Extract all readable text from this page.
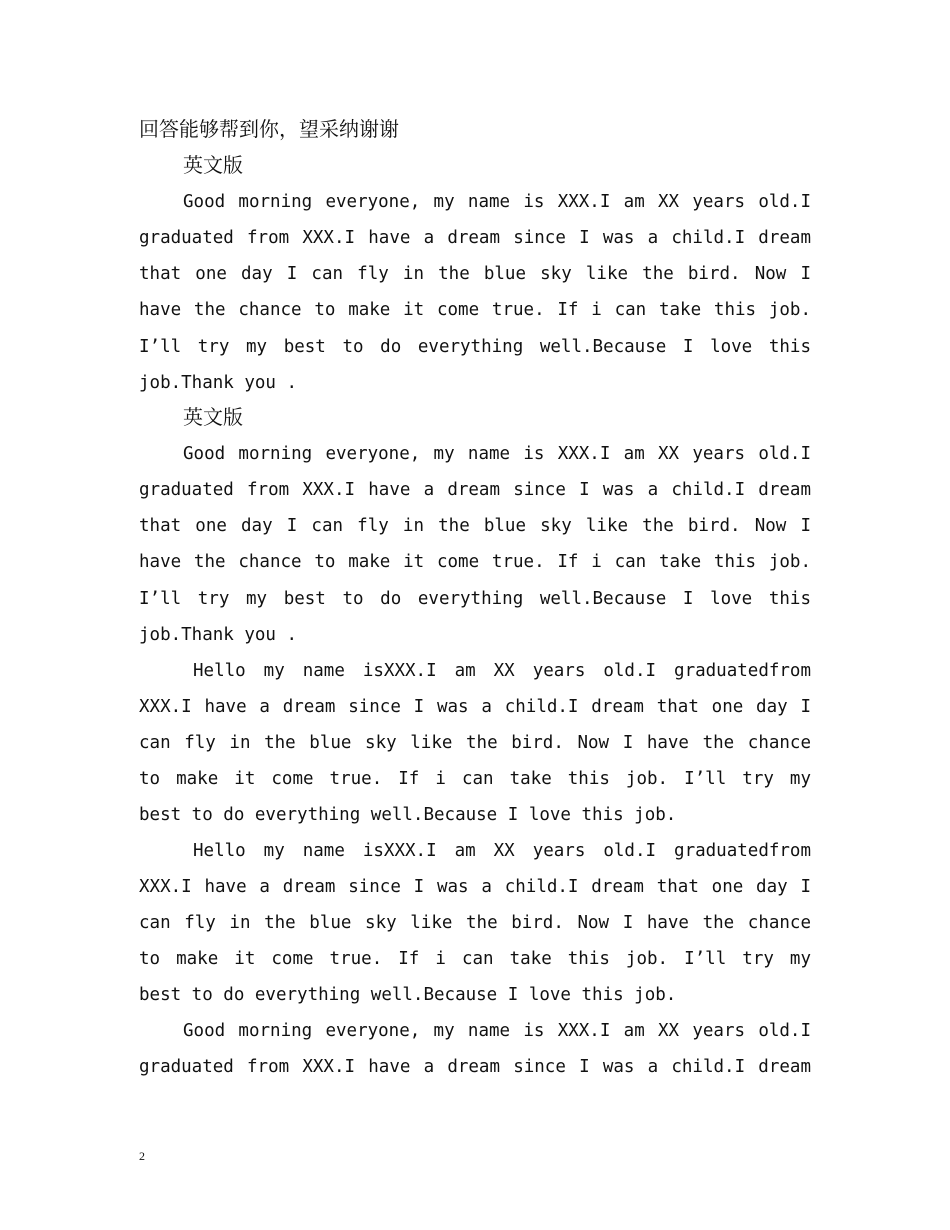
回答能够帮到你，望采纳谢谢
英文版
Good morning everyone, my name is XXX.I am XX years old.I
graduated from XXX.I have a dream since I was a child.I dream
that one day I can fly in the blue sky like the bird. Now I
have the chance to make it come true. If i can take this job.
I’ll try my best to do everything well.Because I love this
job.Thank you .
英文版
Good morning everyone, my name is XXX.I am XX years old.I
graduated from XXX.I have a dream since I was a child.I dream
that one day I can fly in the blue sky like the bird. Now I
have the chance to make it come true. If i can take this job.
I’ll try my best to do everything well.Because I love this
job.Thank you .
Hello my name isXXX.I am XX years old.I graduatedfrom
XXX.I have a dream since I was a child.I dream that one day I
can fly in the blue sky like the bird. Now I have the chance
to make it come true. If i can take this job. I’ll try my
best to do everything well.Because I love this job.
Hello my name isXXX.I am XX years old.I graduatedfrom
XXX.I have a dream since I was a child.I dream that one day I
can fly in the blue sky like the bird. Now I have the chance
to make it come true. If i can take this job. I’ll try my
best to do everything well.Because I love this job.
Good morning everyone, my name is XXX.I am XX years old.I
graduated from XXX.I have a dream since I was a child.I dream
2
